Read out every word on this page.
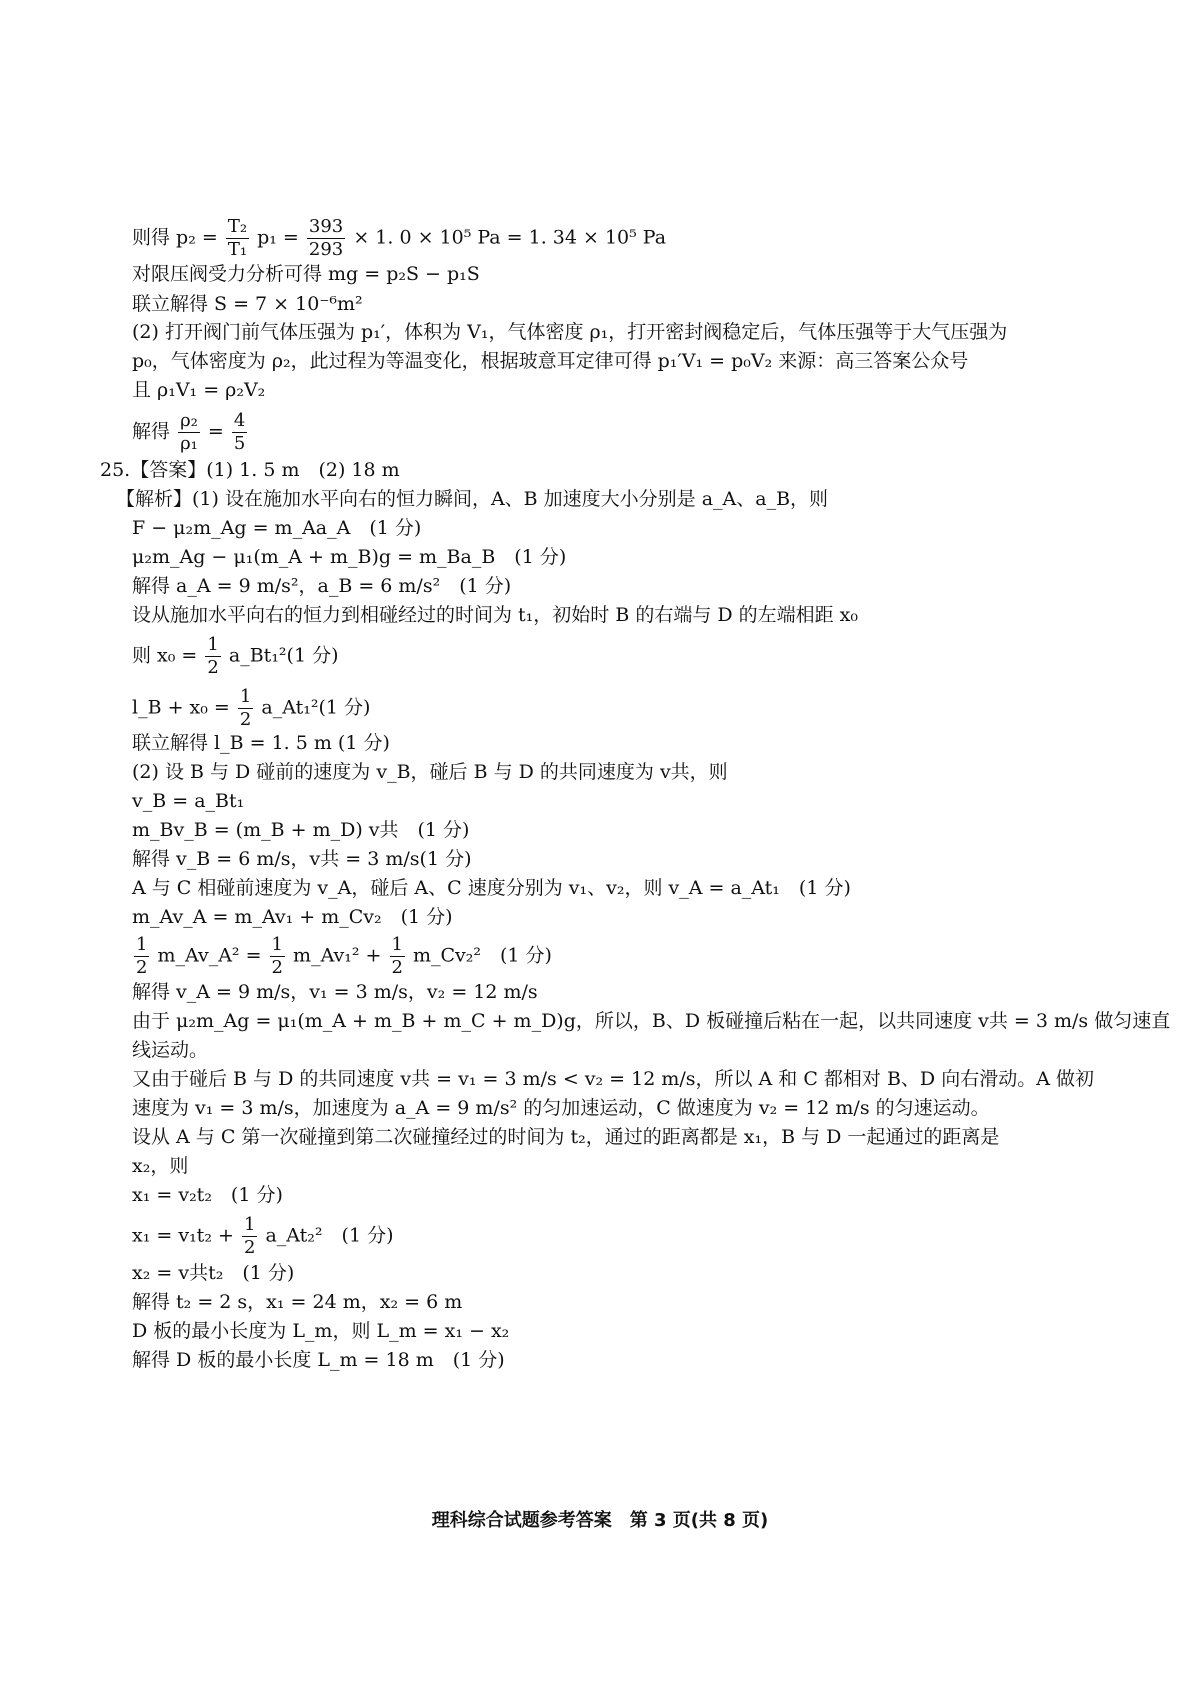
则得 $p_2 = \frac{\text{T₂}}{\text{T₁}} p_1 = \frac{393}{293} \times 1$. 0 × 10⁵ Pa = 1. 34 × 10⁵ Pa
对限压阀受力分析可得 mg = p₂S − p₁S
联立解得 S = 7 × 10⁻⁶m²
(2) 打开阀门前气体压强为 p₁′，体积为 V₁，气体密度 ρ₁，打开密封阀稳定后，气体压强等于大气压强为
p₀，气体密度为 ρ₂，此过程为等温变化，根据玻意耳定律可得 p₁′V₁ = p₀V₂ 来源：高三答案公众号
且 ρ₁V₁ = ρ₂V₂
解得 $\frac{\text{ρ₂}}{\text{ρ₁}} = \frac{4}{5}$
25.【答案】(1) 1. 5 m　(2) 18 m
【解析】(1) 设在施加水平向右的恒力瞬间，A、B 加速度大小分别是 a_A、a_B，则
F − μ₂m_Ag = m_Aa_A　(1 分)
μ₂m_Ag − μ₁(m_A + m_B)g = m_Ba_B　(1 分)
解得 a_A = 9 m/s²，a_B = 6 m/s²　(1 分)
设从施加水平向右的恒力到相碰经过的时间为 t₁，初始时 B 的右端与 D 的左端相距 x₀
则 $x_0 = \frac{1}{2}$ a_Bt₁²(1 分)
l_B + $x_0 = \frac{1}{2}$ a_At₁²(1 分)
联立解得 l_B = 1. 5 m (1 分)
(2) 设 B 与 D 碰前的速度为 v_B，碰后 B 与 D 的共同速度为 v共，则
v_B = a_Bt₁
m_Bv_B = (m_B + m_D) v共　(1 分)
解得 v_B = 6 m/s，v共 = 3 m/s(1 分)
A 与 C 相碰前速度为 v_A，碰后 A、C 速度分别为 v₁、v₂，则 v_A = a_At₁　(1 分)
m_Av_A = m_Av₁ + m_Cv₂　(1 分)
$\frac{1}{2}$ m_Av_A² = $\frac{1}{2}$ m_Av₁² + $\frac{1}{2}$ m_Cv₂²　(1 分)
解得 v_A = 9 m/s，v₁ = 3 m/s，v₂ = 12 m/s
由于 μ₂m_Ag = μ₁(m_A + m_B + m_C + m_D)g，所以，B、D 板碰撞后粘在一起，以共同速度 v共 = 3 m/s 做匀速直
线运动。
又由于碰后 B 与 D 的共同速度 v共 = v₁ = 3 m/s < v₂ = 12 m/s，所以 A 和 C 都相对 B、D 向右滑动。A 做初
速度为 v₁ = 3 m/s，加速度为 a_A = 9 m/s² 的匀加速运动，C 做速度为 v₂ = 12 m/s 的匀速运动。
设从 A 与 C 第一次碰撞到第二次碰撞经过的时间为 t₂，通过的距离都是 x₁，B 与 D 一起通过的距离是
x₂，则
x₁ = v₂t₂　(1 分)
$x_1 = v_1t_2 + \frac{1}{2}$ a_At₂²　(1 分)
x₂ = v共t₂　(1 分)
解得 t₂ = 2 s，x₁ = 24 m，x₂ = 6 m
D 板的最小长度为 L_m，则 L_m = x₁ − x₂
解得 D 板的最小长度 L_m = 18 m　(1 分)
理科综合试题参考答案　第 3 页(共 8 页)
